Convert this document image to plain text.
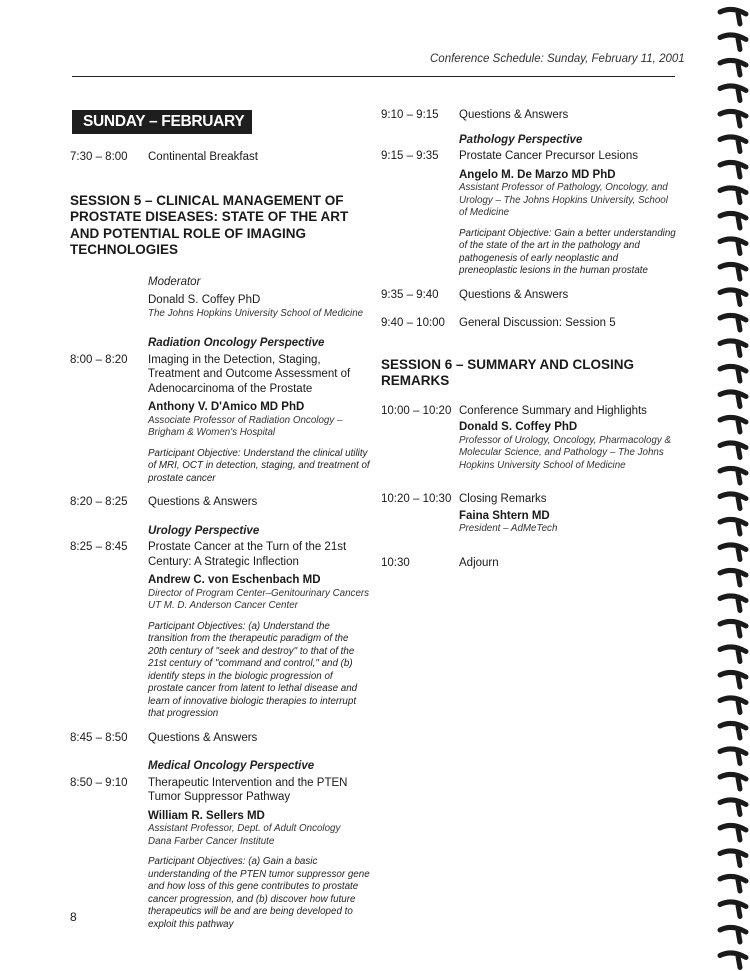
Conference Schedule: Sunday, February 11, 2001
SUNDAY – FEBRUARY 11
7:30 – 8:00	Continental Breakfast
SESSION 5 – CLINICAL MANAGEMENT OF PROSTATE DISEASES: STATE OF THE ART AND POTENTIAL ROLE OF IMAGING TECHNOLOGIES
Moderator
Donald S. Coffey PhD
The Johns Hopkins University School of Medicine
Radiation Oncology Perspective
8:00 – 8:20	Imaging in the Detection, Staging, Treatment and Outcome Assessment of Adenocarcinoma of the Prostate
Anthony V. D'Amico MD PhD
Associate Professor of Radiation Oncology – Brigham & Women's Hospital
Participant Objective: Understand the clinical utility of MRI, OCT in detection, staging, and treatment of prostate cancer
8:20 – 8:25	Questions & Answers
Urology Perspective
8:25 – 8:45	Prostate Cancer at the Turn of the 21st Century: A Strategic Inflection
Andrew C. von Eschenbach MD
Director of Program Center–Genitourinary Cancers
UT M. D. Anderson Cancer Center
Participant Objectives: (a) Understand the transition from the therapeutic paradigm of the 20th century of "seek and destroy" to that of the 21st century of "command and control," and (b) identify steps in the biologic progression of prostate cancer from latent to lethal disease and learn of innovative biologic therapies to interrupt that progression
8:45 – 8:50	Questions & Answers
Medical Oncology Perspective
8:50 – 9:10	Therapeutic Intervention and the PTEN Tumor Suppressor Pathway
William R. Sellers MD
Assistant Professor, Dept. of Adult Oncology
Dana Farber Cancer Institute
Participant Objectives: (a) Gain a basic understanding of the PTEN tumor suppressor gene and how loss of this gene contributes to prostate cancer progression, and (b) discover how future therapeutics will be and are being developed to exploit this pathway
9:10 – 9:15	Questions & Answers
Pathology Perspective
9:15 – 9:35	Prostate Cancer Precursor Lesions
Angelo M. De Marzo MD PhD
Assistant Professor of Pathology, Oncology, and Urology – The Johns Hopkins University, School of Medicine
Participant Objective: Gain a better understanding of the state of the art in the pathology and pathogenesis of early neoplastic and preneoplastic lesions in the human prostate
9:35 – 9:40	Questions & Answers
9:40 – 10:00	General Discussion: Session 5
SESSION 6 – SUMMARY AND CLOSING REMARKS
10:00 – 10:20 Conference Summary and Highlights
Donald S. Coffey PhD
Professor of Urology, Oncology, Pharmacology & Molecular Science, and Pathology – The Johns Hopkins University School of Medicine
10:20 – 10:30 Closing Remarks
Faina Shtern MD
President – AdMeTech
10:30	Adjourn
8
